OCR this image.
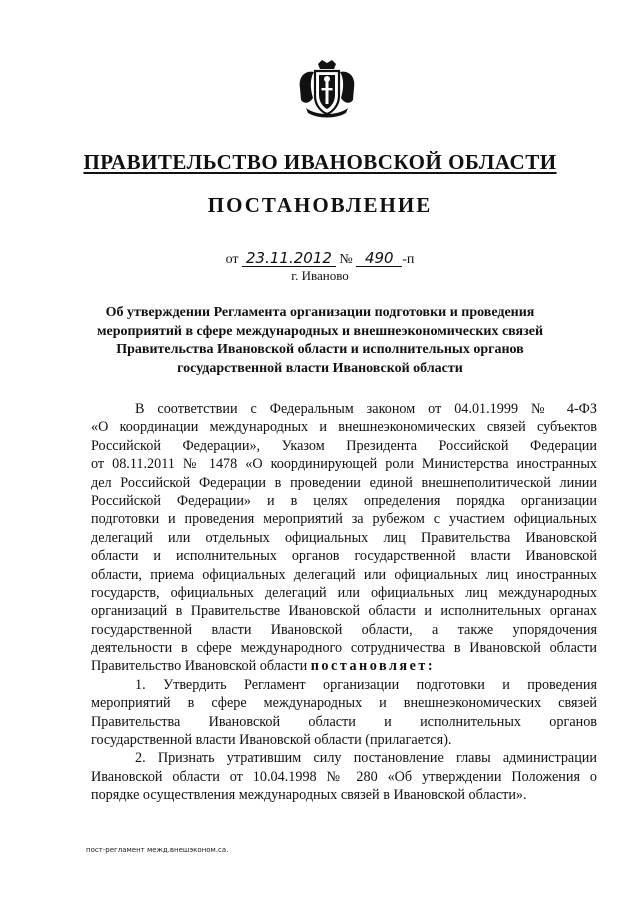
ПРАВИТЕЛЬСТВО ИВАНОВСКОЙ ОБЛАСТИ
ПОСТАНОВЛЕНИЕ
от 23.11.2012 № 490 -п
г. Иваново
Об утверждении Регламента организации подготовки и проведения
мероприятий в сфере международных и внешнеэкономических связей
Правительства Ивановской области и исполнительных органов
государственной власти Ивановской области
В соответствии с Федеральным законом от 04.01.1999 № 4-ФЗ
«О координации международных и внешнеэкономических связей субъектов
Российской Федерации», Указом Президента Российской Федерации
от 08.11.2011 № 1478 «О координирующей роли Министерства иностранных
дел Российской Федерации в проведении единой внешнеполитической линии
Российской Федерации» и в целях определения порядка организации
подготовки и проведения мероприятий за рубежом с участием официальных
делегаций или отдельных официальных лиц Правительства Ивановской
области и исполнительных органов государственной власти Ивановской
области, приема официальных делегаций или официальных лиц иностранных
государств, официальных делегаций или официальных лиц международных
организаций в Правительстве Ивановской области и исполнительных органах
государственной власти Ивановской области, а также упорядочения
деятельности в сфере международного сотрудничества в Ивановской области
Правительство Ивановской области постановляет:
1. Утвердить Регламент организации подготовки и проведения
мероприятий в сфере международных и внешнеэкономических связей
Правительства Ивановской области и исполнительных органов
государственной власти Ивановской области (прилагается).
2. Признать утратившим силу постановление главы администрации
Ивановской области от 10.04.1998 № 280 «Об утверждении Положения о
порядке осуществления международных связей в Ивановской области».
пост-регламент межд.внешэконом.сa.
